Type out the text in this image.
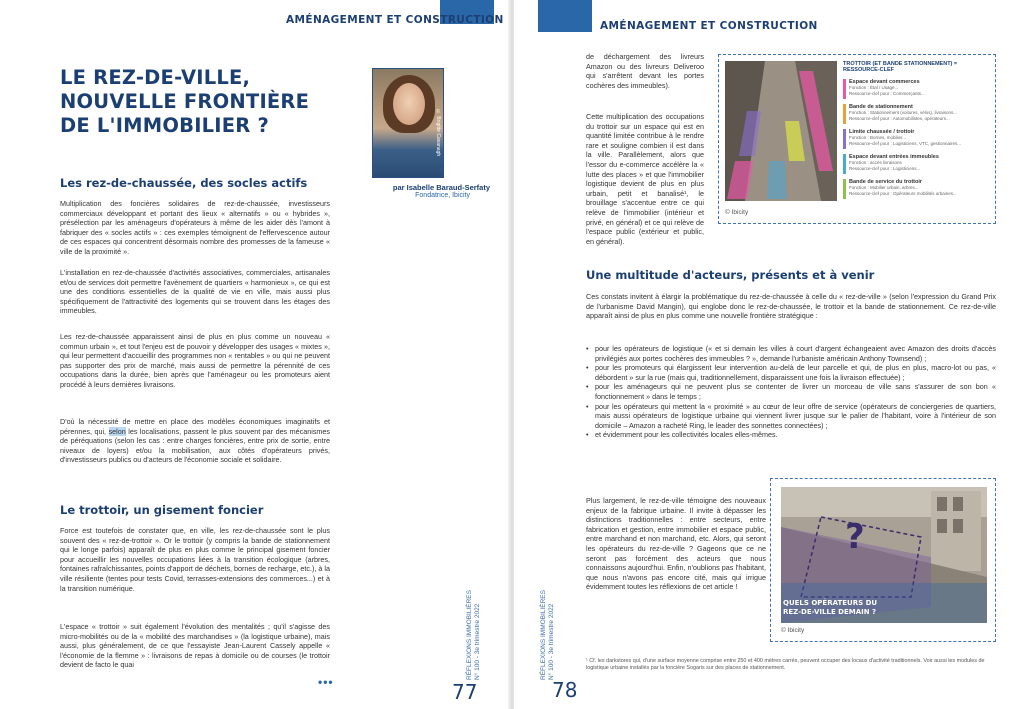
AMÉNAGEMENT ET CONSTRUCTION
LE REZ-DE-VILLE,
NOUVELLE FRONTIÈRE
DE L'IMMOBILIER ?	© Brigitte Cavanagh
par Isabelle Baraud-Serfaty
Fondatrice, Ibicity
Les rez-de-chaussée, des socles actifs
Multiplication des foncières solidaires de rez-de-chaussée, investisseurs commerciaux développant et portant des lieux « alternatifs » ou « hybrides », présélection par les aménageurs d'opérateurs à même de les aider dès l'amont à fabriquer des « socles actifs » : ces exemples témoignent de l'effervescence autour de ces espaces qui concentrent désormais nombre des promesses de la fameuse « ville de la proximité ».
L'installation en rez-de-chaussée d'activités associatives, commerciales, artisanales et/ou de services doit permettre l'avènement de quartiers « harmonieux », ce qui est une des conditions essentielles de la qualité de vie en ville, mais aussi plus spécifiquement de l'attractivité des logements qui se trouvent dans les étages des immeubles.
Les rez-de-chaussée apparaissent ainsi de plus en plus comme un nouveau « commun urbain », et tout l'enjeu est de pouvoir y développer des usages « mixtes », qui leur permettent d'accueillir des programmes non « rentables » ou qui ne peuvent pas supporter des prix de marché, mais aussi de permettre la pérennité de ces occupations dans la durée, bien après que l'aménageur ou les promoteurs aient procédé à leurs dernières livraisons.
D'où la nécessité de mettre en place des modèles économiques imaginatifs et pérennes, qui, selon les localisations, passent le plus souvent par des mécanismes de péréquations (selon les cas : entre charges foncières, entre prix de sortie, entre niveaux de loyers) et/ou la mobilisation, aux côtés d'opérateurs privés, d'investisseurs publics ou d'acteurs de l'économie sociale et solidaire.
Le trottoir, un gisement foncier
Force est toutefois de constater que, en ville, les rez-de-chaussée sont le plus souvent des « rez-de-trottoir ». Or le trottoir (y compris la bande de stationnement qui le longe parfois) apparaît de plus en plus comme le principal gisement foncier pour accueillir les nouvelles occupations liées à la transition écologique (arbres, fontaines rafraîchissantes, points d'apport de déchets, bornes de recharge, etc.), à la ville résiliente (tentes pour tests Covid, terrasses-extensions des commerces...) et à la transition numérique.
L'espace « trottoir » suit également l'évolution des mentalités ; qu'il s'agisse des micro-mobilités ou de la « mobilité des marchandises » (la logistique urbaine), mais aussi, plus généralement, de ce que l'essayiste Jean-Laurent Cassely appelle « l'économie de la flemme » : livraisons de repas à domicile ou de courses (le trottoir devient de facto le quai
•••
RÉFLEXIONS IMMOBILIÈRES N° 100 - 3e trimestre 2022
77
AMÉNAGEMENT ET CONSTRUCTION
de déchargement des livreurs Amazon ou des livreurs Deliveroo qui s'arrêtent devant les portes cochères des immeubles).
Cette multiplication des occupations du trottoir sur un espace qui est en quantité limitée contribue à le rendre rare et souligne combien il est dans la ville. Parallèlement, alors que l'essor du e-commerce accélère la « lutte des places » et que l'immobilier logistique devient de plus en plus urbain, petit et banalisé¹, le brouillage s'accentue entre ce qui relève de l'immobilier (intérieur et privé, en général) et ce qui relève de l'espace public (extérieur et public, en général).
TROTTOIR (ET BANDE STATIONNEMENT) = RESSOURCE-CLEF
Espace devant commerces
Fonction : Étal / Usage...
Ressource-clef pour : Commerçants...
Bande de stationnement
Fonction : Stationnement (voitures, vélos), livraisons...
Ressource-clef pour : Automobilistes, opérateurs...
Limite chaussée / trottoir
Fonction : Bornes, mobilier...
Ressource-clef pour : Logisticiens, VTC, gestionnaires...
Espace devant entrées immeubles
Fonction : accès livraisons
Ressource-clef pour : Logisticiens...
Bande de service du trottoir
Fonction : Mobilier urbain, arbres...
Ressource-clef pour : Opérateurs mobilités urbaines...
© Ibicity
Une multitude d'acteurs, présents et à venir
Ces constats invitent à élargir la problématique du rez-de-chaussée à celle du « rez-de-ville » (selon l'expression du Grand Prix de l'urbanisme David Mangin), qui englobe donc le rez-de-chaussée, le trottoir et la bande de stationnement. Ce rez-de-ville apparaît ainsi de plus en plus comme une nouvelle frontière stratégique :
• pour les opérateurs de logistique (« et si demain les villes à court d'argent échangeaient avec Amazon des droits d'accès privilégiés aux portes cochères des immeubles ? », demande l'urbaniste américain Anthony Townsend) ;
• pour les promoteurs qui élargissent leur intervention au-delà de leur parcelle et qui, de plus en plus, macro-lot ou pas, « débordent » sur la rue (mais qui, traditionnellement, disparaissent une fois la livraison effectuée) ;
• pour les aménageurs qui ne peuvent plus se contenter de livrer un morceau de ville sans s'assurer de son bon « fonctionnement » dans le temps ;
• pour les opérateurs qui mettent la « proximité » au cœur de leur offre de service (opérateurs de conciergeries de quartiers, mais aussi opérateurs de logistique urbaine qui viennent livrer jusque sur le palier de l'habitant, voire à l'intérieur de son domicile – Amazon a racheté Ring, le leader des sonnettes connectées) ;
• et évidemment pour les collectivités locales elles-mêmes.
Plus largement, le rez-de-ville témoigne des nouveaux enjeux de la fabrique urbaine. Il invite à dépasser les distinctions traditionnelles : entre secteurs, entre fabrication et gestion, entre immobilier et espace public, entre marchand et non marchand, etc. Alors, qui seront les opérateurs du rez-de-ville ? Gageons que ce ne seront pas forcément des acteurs que nous connaissons aujourd'hui. Enfin, n'oublions pas l'habitant, que nous n'avons pas encore cité, mais qui irrigue évidemment toutes les réflexions de cet article !
?
QUELS OPÉRATEURS DU REZ-DE-VILLE DEMAIN ?
© Ibicity
¹ Cf. les darkstores qui, d'une surface moyenne comprise entre 250 et 400 mètres carrés, peuvent occuper des locaux d'activité traditionnels. Voir aussi les modules de logistique urbaine installés par la foncière Sogaris sur des places de stationnement.
RÉFLEXIONS IMMOBILIÈRES N° 100 - 3e trimestre 2022
78
